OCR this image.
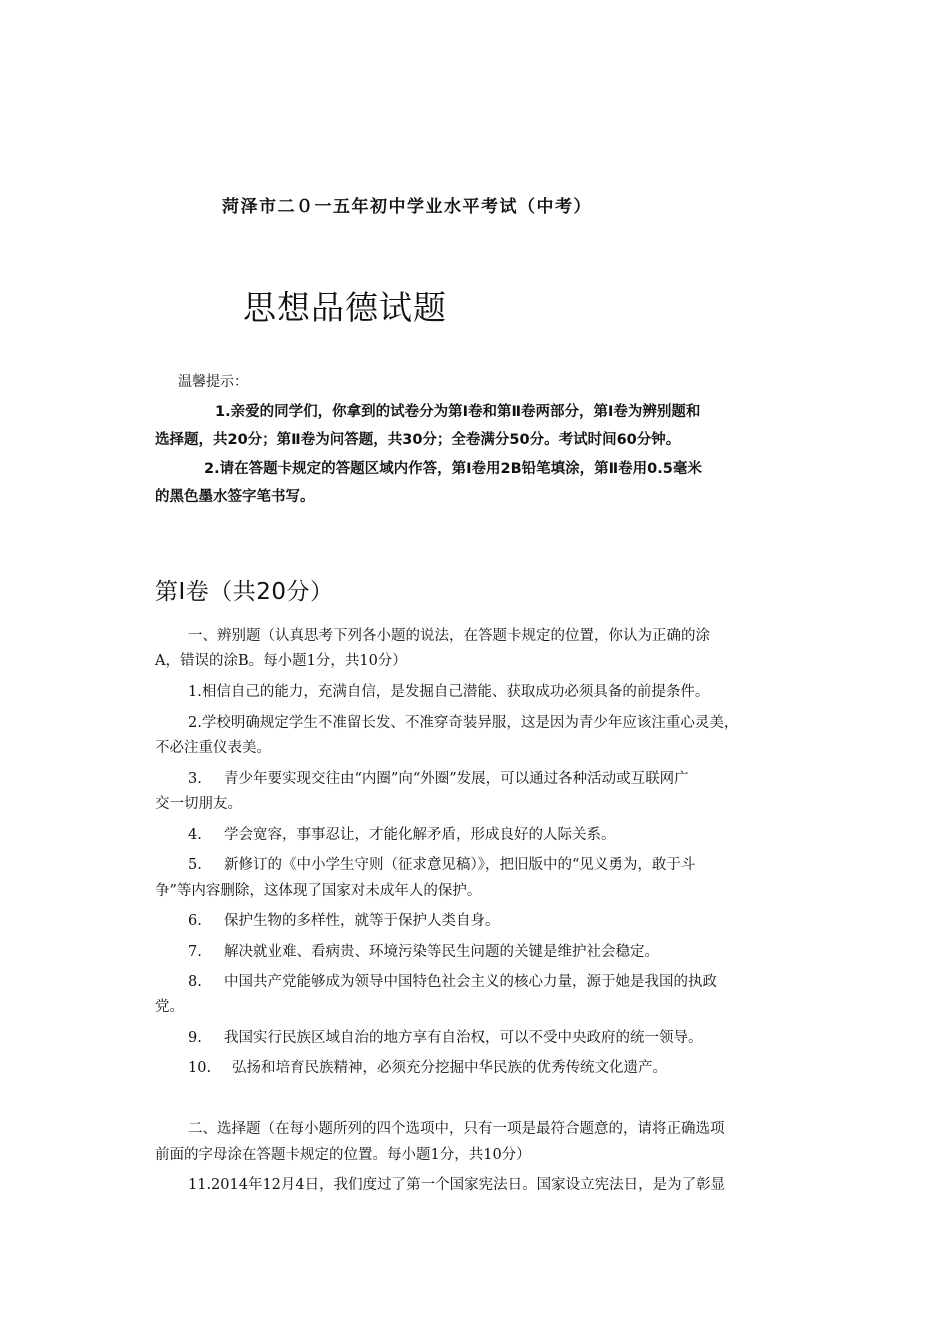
菏泽市二０一五年初中学业水平考试（中考）
思想品德试题
温馨提示：
1.亲爱的同学们，你拿到的试卷分为第Ⅰ卷和第Ⅱ卷两部分，第Ⅰ卷为辨别题和
选择题，共20分；第Ⅱ卷为问答题，共30分；全卷满分50分。考试时间60分钟。
2.请在答题卡规定的答题区域内作答，第Ⅰ卷用2B铅笔填涂，第Ⅱ卷用0.5毫米
的黑色墨水签字笔书写。
第Ⅰ卷（共20分）
一、辨别题（认真思考下列各小题的说法，在答题卡规定的位置，你认为正确的涂
A，错误的涂B。每小题1分，共10分）
1.相信自己的能力，充满自信，是发掘自己潜能、获取成功必须具备的前提条件。
2.学校明确规定学生不准留长发、不准穿奇装异服，这是因为青少年应该注重心灵美，
不必注重仪表美。
3. 青少年要实现交往由“内圈”向“外圈”发展，可以通过各种活动或互联网广
交一切朋友。
4. 学会宽容，事事忍让，才能化解矛盾，形成良好的人际关系。
5. 新修订的《中小学生守则（征求意见稿）》，把旧版中的“见义勇为，敢于斗
争”等内容删除，这体现了国家对未成年人的保护。
6. 保护生物的多样性，就等于保护人类自身。
7. 解决就业难、看病贵、环境污染等民生问题的关键是维护社会稳定。
8. 中国共产党能够成为领导中国特色社会主义的核心力量，源于她是我国的执政
党。
9. 我国实行民族区域自治的地方享有自治权，可以不受中央政府的统一领导。
10. 弘扬和培育民族精神，必须充分挖掘中华民族的优秀传统文化遗产。
二、选择题（在每小题所列的四个选项中，只有一项是最符合题意的，请将正确选项
前面的字母涂在答题卡规定的位置。每小题1分，共10分）
11.2014年12月4日，我们度过了第一个国家宪法日。国家设立宪法日，是为了彰显
